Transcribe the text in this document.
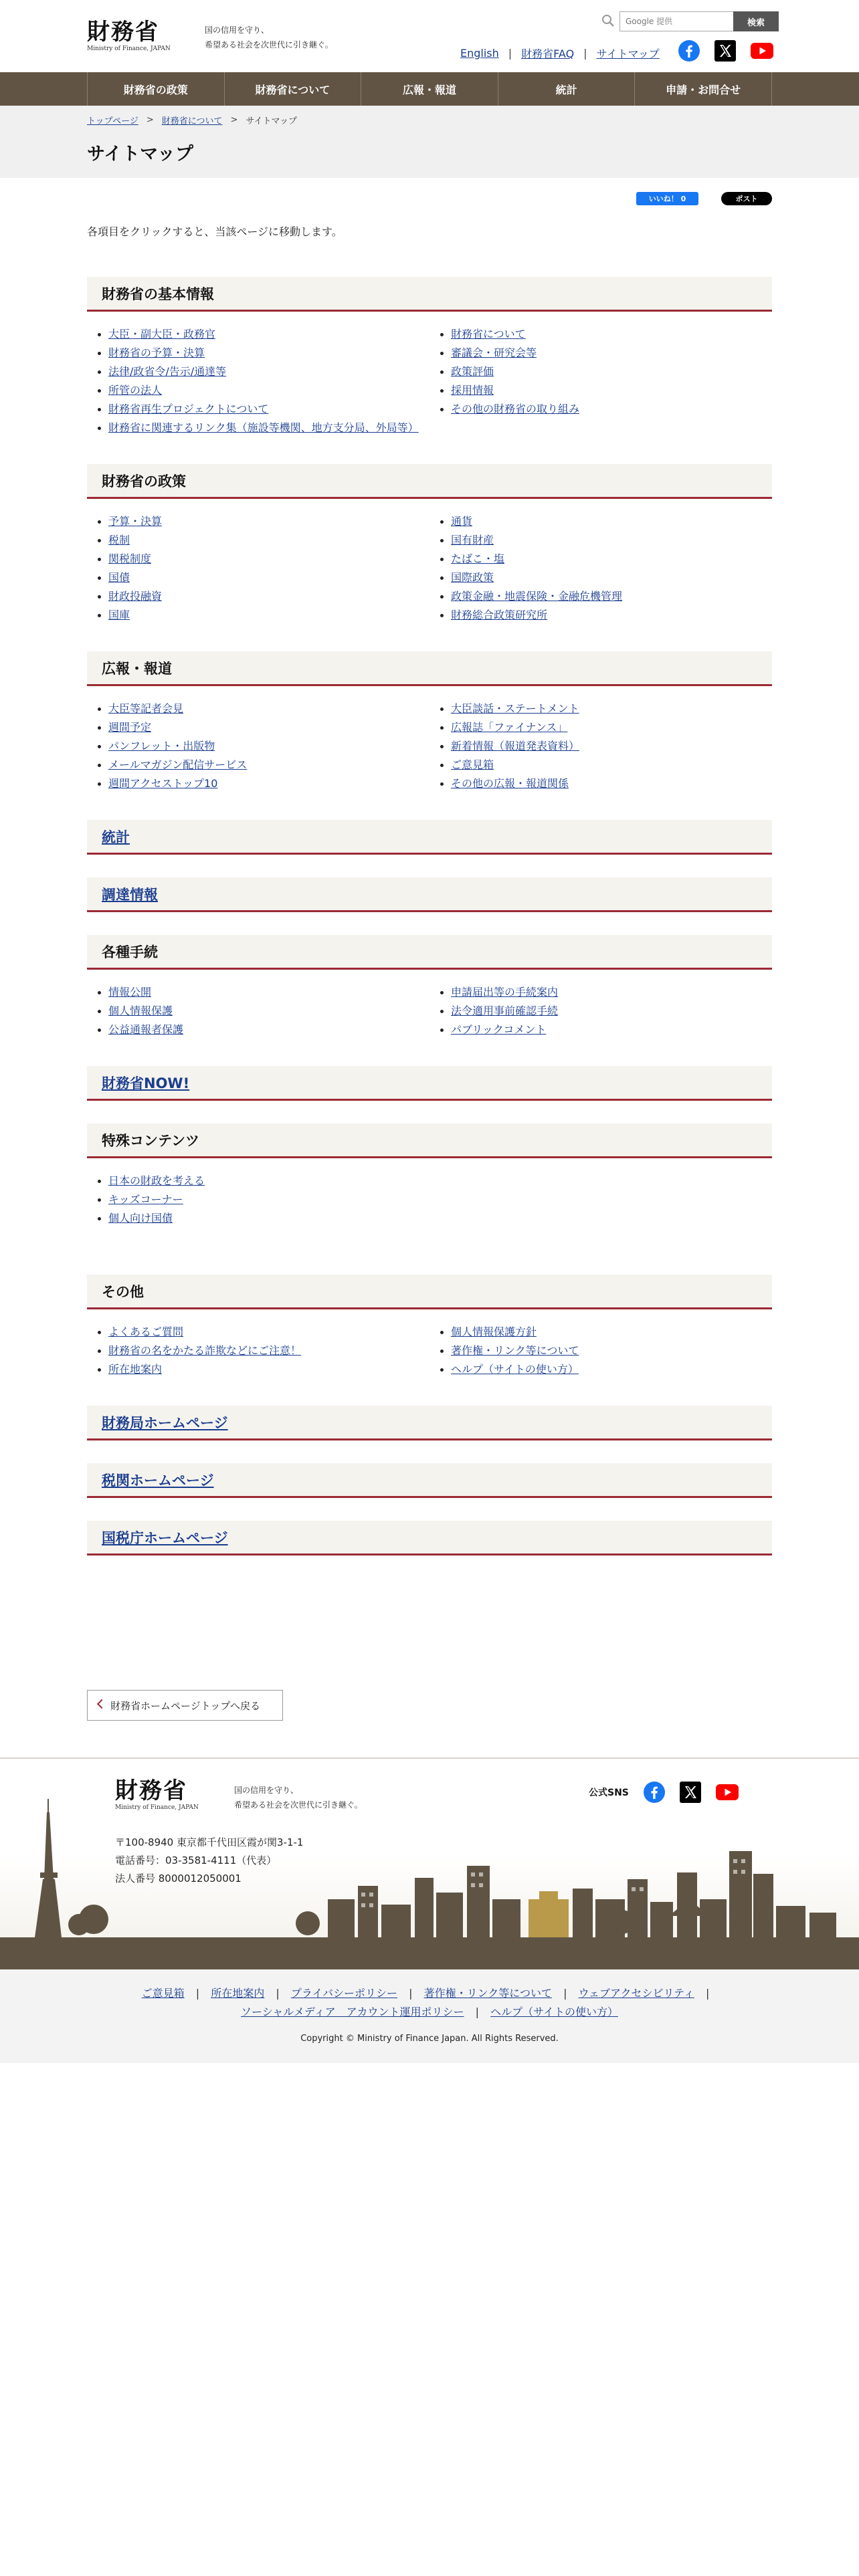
財務省
Ministry of Finance, JAPAN
国の信用を守り、
希望ある社会を次世代に引き継ぐ。
Google 提供
検索
English | 財務省FAQ | サイトマップ
財務省の政策	財務省について	広報・報道	統計	申請・お問合せ
トップページ > 財務省について > サイトマップ
サイトマップ
いいね！ 0	ポスト

各項目をクリックすると、当該ページに移動します。

財務省の基本情報
大臣・副大臣・政務官
財務省の予算・決算
法律/政省令/告示/通達等
所管の法人
財務省再生プロジェクトについて
財務省に関連するリンク集（施設等機関、地方支分局、外局等）
財務省について
審議会・研究会等
政策評価
採用情報
その他の財務省の取り組み
財務省の政策
予算・決算
税制
関税制度
国債
財政投融資
国庫
通貨
国有財産
たばこ・塩
国際政策
政策金融・地震保険・金融危機管理
財務総合政策研究所
広報・報道
大臣等記者会見
週間予定
パンフレット・出版物
メールマガジン配信サービス
週間アクセストップ10
大臣談話・ステートメント
広報誌「ファイナンス」
新着情報（報道発表資料）
ご意見箱
その他の広報・報道関係
統計
調達情報
各種手続
情報公開
個人情報保護
公益通報者保護
申請届出等の手続案内
法令適用事前確認手続
パブリックコメント
財務省NOW!
特殊コンテンツ
日本の財政を考える
キッズコーナー
個人向け国債
その他
よくあるご質問
財務省の名をかたる詐欺などにご注意！
所在地案内
個人情報保護方針
著作権・リンク等について
ヘルプ（サイトの使い方）
財務局ホームページ
税関ホームページ
国税庁ホームページ
財務省ホームページトップへ戻る
財務省
Ministry of Finance, JAPAN
国の信用を守り、
希望ある社会を次世代に引き継ぐ。
公式SNS
〒100-8940 東京都千代田区霞が関3-1-1
電話番号：03-3581-4111（代表）
法人番号 8000012050001
ご意見箱 | 所在地案内 | プライバシーポリシー | 著作権・リンク等について | ウェブアクセシビリティ |
ソーシャルメディア　アカウント運用ポリシー | ヘルプ（サイトの使い方）
Copyright © Ministry of Finance Japan. All Rights Reserved.
